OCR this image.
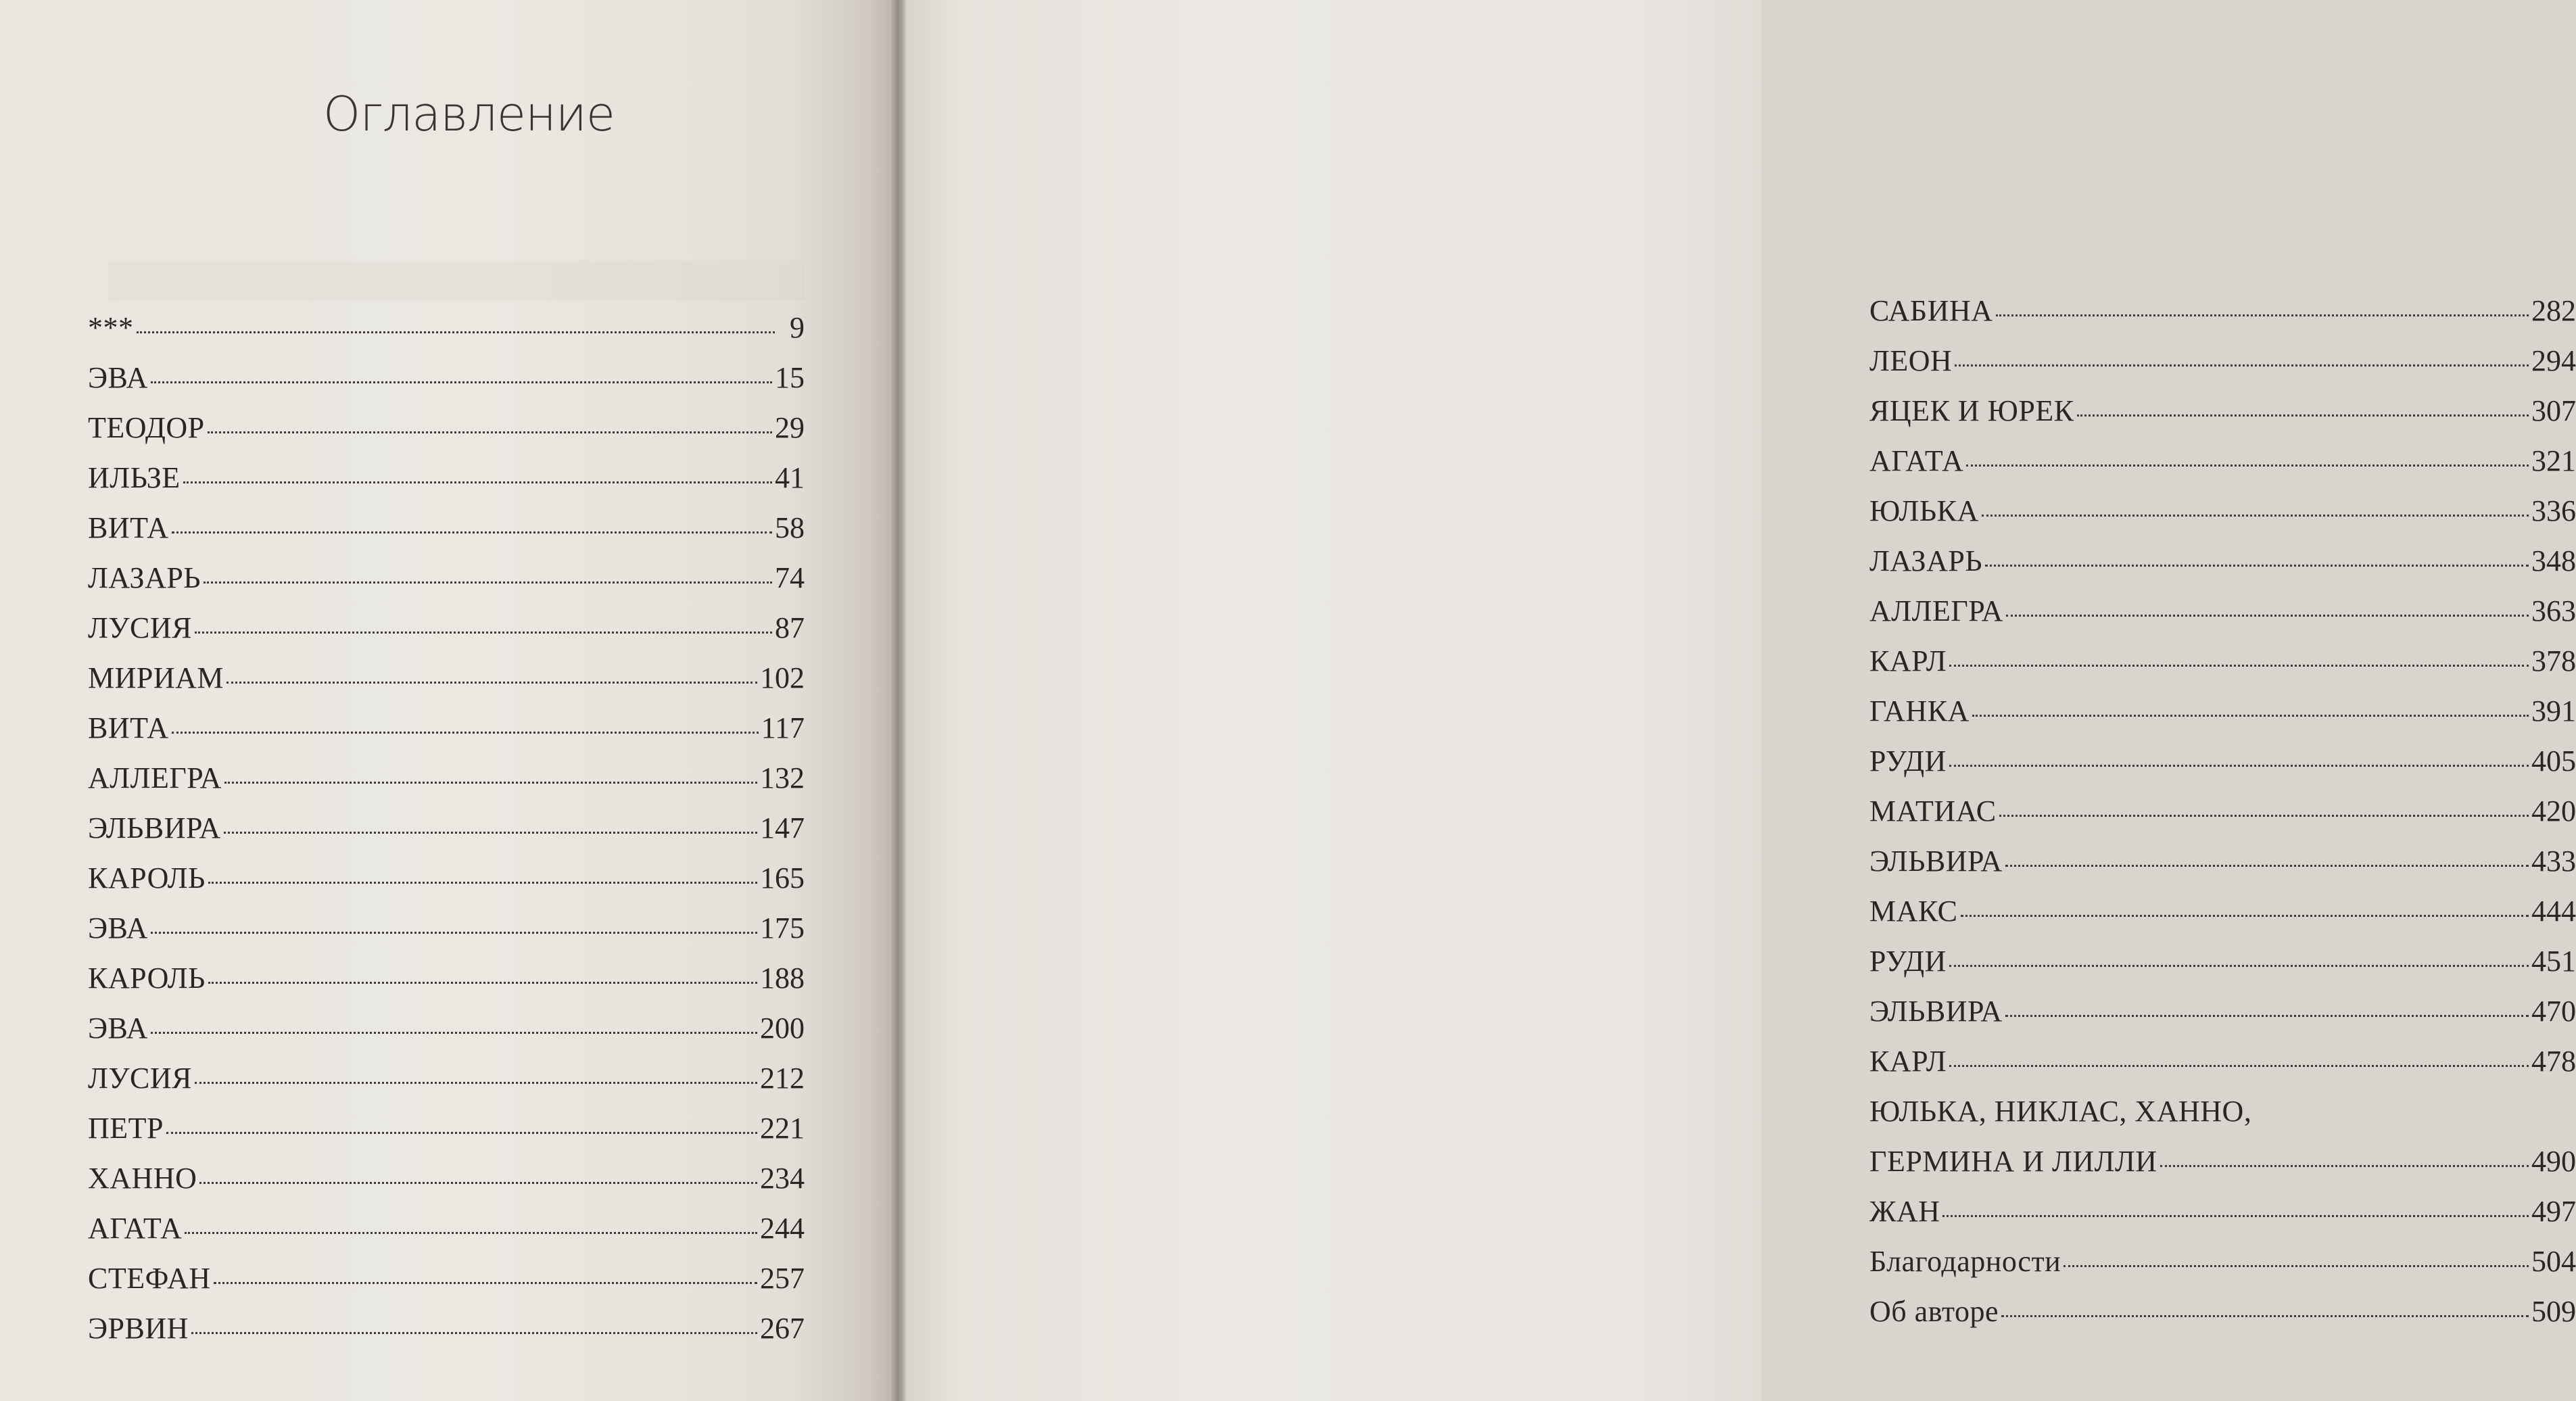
Оглавление
***	9
ЭВА	15
ТЕОДОР	29
ИЛЬЗЕ	41
ВИТА	58
ЛАЗАРЬ	74
ЛУСИЯ	87
МИРИАМ	102
ВИТА	117
АЛЛЕГРА	132
ЭЛЬВИРА	147
КАРОЛЬ	165
ЭВА	175
КАРОЛЬ	188
ЭВА	200
ЛУСИЯ	212
ПЕТР	221
ХАННО	234
АГАТА	244
СТЕФАН	257
ЭРВИН	267
САБИНА	282
ЛЕОН	294
ЯЦЕК И ЮРЕК	307
АГАТА	321
ЮЛЬКА	336
ЛАЗАРЬ	348
АЛЛЕГРА	363
КАРЛ	378
ГАНКА	391
РУДИ	405
МАТИАС	420
ЭЛЬВИРА	433
МАКС	444
РУДИ	451
ЭЛЬВИРА	470
КАРЛ	478
ЮЛЬКА, НИКЛАС, ХАННО,
ГЕРМИНА И ЛИЛЛИ	490
ЖАН	497
Благодарности	504
Об авторе	509
